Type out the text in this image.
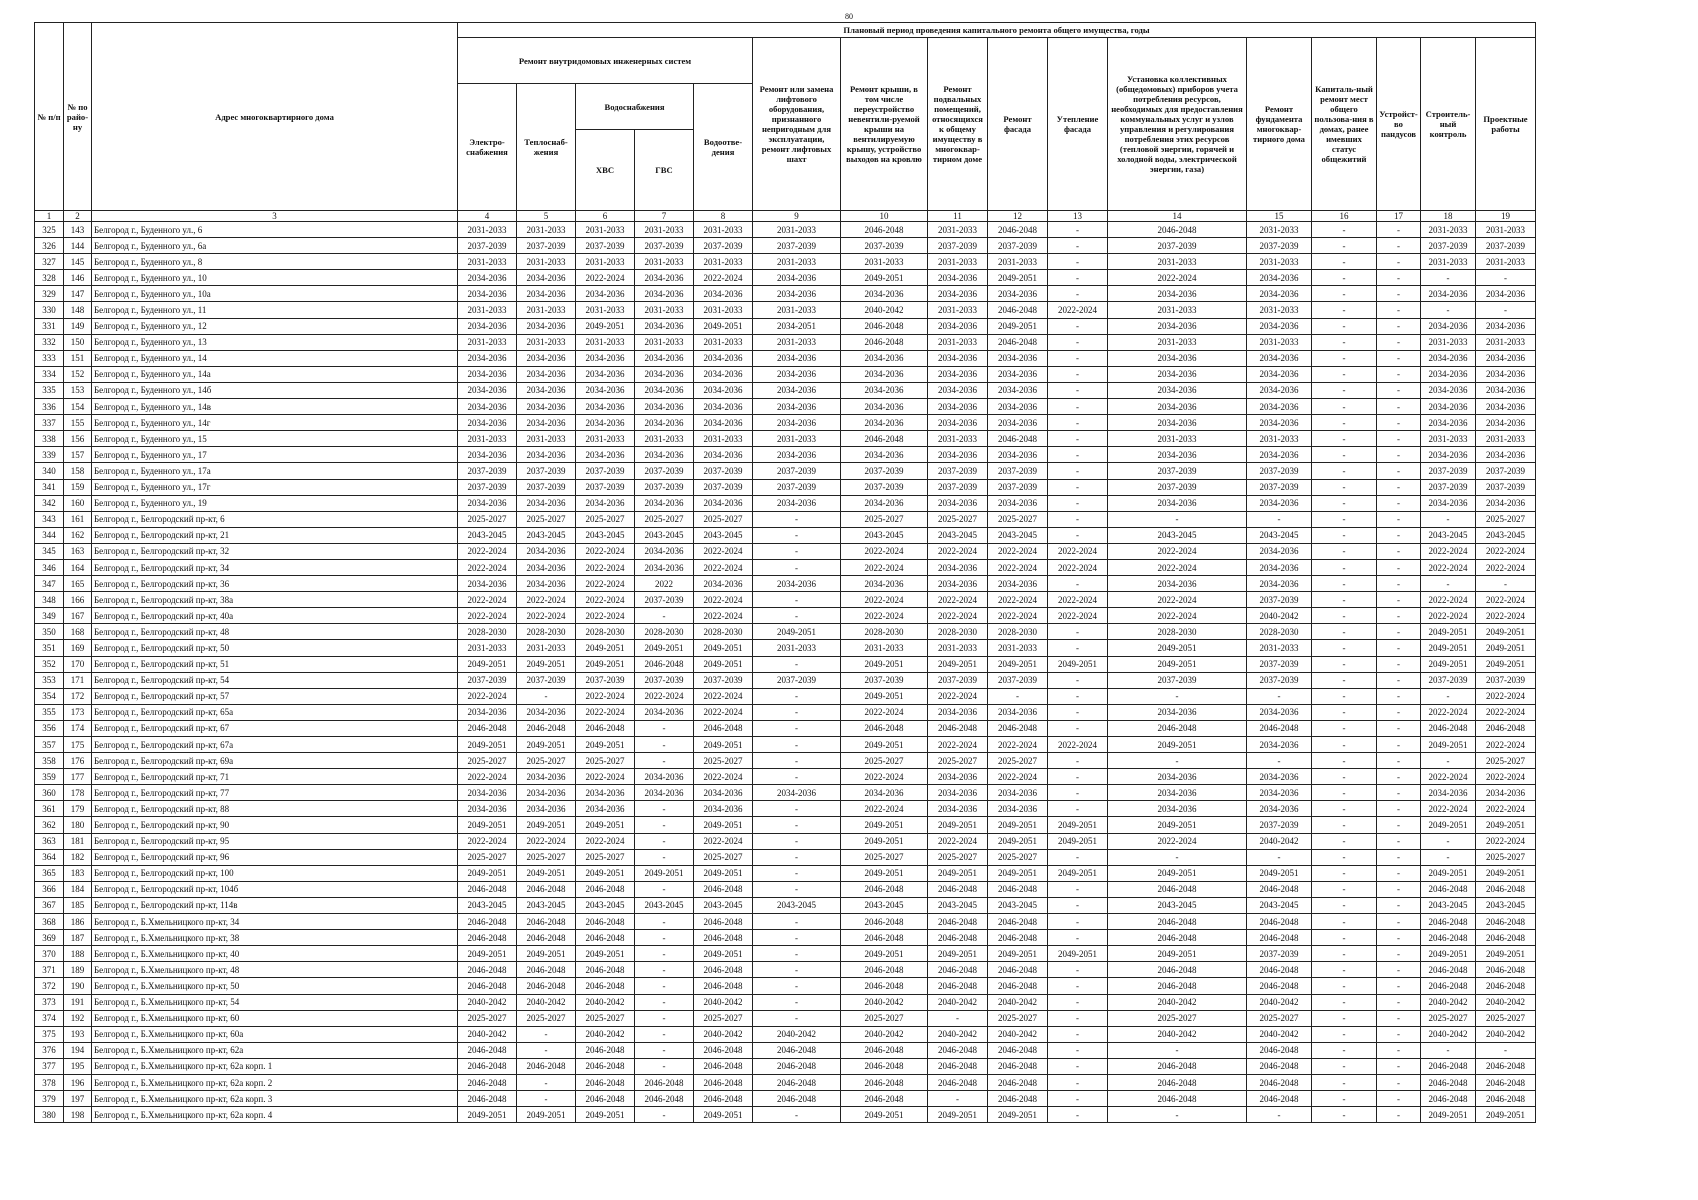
80
№ п/п	№ по райо-ну	Адрес многоквартирного дома	Плановый период проведения капитального ремонта общего имущества, годы															
			Ремонт внутридомовых инженерных систем					Ремонт или замена лифтового оборудования, признанного непригодным для эксплуатации, ремонт лифтовых шахт	Ремонт крыши, в том числе переустройство невентили-руемой крыши на вентилируемую крышу, устройство выходов на кровлю	Ремонт подвальных помещений, относящихся к общему имуществу в многоквар-тирном доме	Ремонт фасада	Утепление фасада	Установка коллективных (общедомовых) приборов учета потребления ресурсов, необходимых для предоставления коммунальных услуг и узлов управления и регулирования потребления этих ресурсов (тепловой энергии, горячей и холодной воды, электрической энергии, газа)	Ремонт фундамента многоквар-тирного дома	Капиталь-ный ремонт мест общего пользова-ния в домах, ранее имевших статус общежитий	Устройст-во пандусов	Строитель-ный контроль	Проектные работы
			Электро-снабжения	Теплоснаб-жения	Водоснабжения		Водоотве-дения											
					ХВС	ГВС												
1	2	3	4	5	6	7	8	9	10	11	12	13	14	15	16	17	18	19
325	143	Белгород г., Буденного ул., 6	2031-2033	2031-2033	2031-2033	2031-2033	2031-2033	2031-2033	2046-2048	2031-2033	2046-2048	-	2046-2048	2031-2033	-	-	2031-2033	2031-2033
326	144	Белгород г., Буденного ул., 6а	2037-2039	2037-2039	2037-2039	2037-2039	2037-2039	2037-2039	2037-2039	2037-2039	2037-2039	-	2037-2039	2037-2039	-	-	2037-2039	2037-2039
327	145	Белгород г., Буденного ул., 8	2031-2033	2031-2033	2031-2033	2031-2033	2031-2033	2031-2033	2031-2033	2031-2033	2031-2033	-	2031-2033	2031-2033	-	-	2031-2033	2031-2033
328	146	Белгород г., Буденного ул., 10	2034-2036	2034-2036	2022-2024	2034-2036	2022-2024	2034-2036	2049-2051	2034-2036	2049-2051	-	2022-2024	2034-2036	-	-	-	-
329	147	Белгород г., Буденного ул., 10а	2034-2036	2034-2036	2034-2036	2034-2036	2034-2036	2034-2036	2034-2036	2034-2036	2034-2036	-	2034-2036	2034-2036	-	-	2034-2036	2034-2036
330	148	Белгород г., Буденного ул., 11	2031-2033	2031-2033	2031-2033	2031-2033	2031-2033	2031-2033	2040-2042	2031-2033	2046-2048	2022-2024	2031-2033	2031-2033	-	-	-	-
331	149	Белгород г., Буденного ул., 12	2034-2036	2034-2036	2049-2051	2034-2036	2049-2051	2034-2051	2046-2048	2034-2036	2049-2051	-	2034-2036	2034-2036	-	-	2034-2036	2034-2036
332	150	Белгород г., Буденного ул., 13	2031-2033	2031-2033	2031-2033	2031-2033	2031-2033	2031-2033	2046-2048	2031-2033	2046-2048	-	2031-2033	2031-2033	-	-	2031-2033	2031-2033
333	151	Белгород г., Буденного ул., 14	2034-2036	2034-2036	2034-2036	2034-2036	2034-2036	2034-2036	2034-2036	2034-2036	2034-2036	-	2034-2036	2034-2036	-	-	2034-2036	2034-2036
334	152	Белгород г., Буденного ул., 14а	2034-2036	2034-2036	2034-2036	2034-2036	2034-2036	2034-2036	2034-2036	2034-2036	2034-2036	-	2034-2036	2034-2036	-	-	2034-2036	2034-2036
335	153	Белгород г., Буденного ул., 14б	2034-2036	2034-2036	2034-2036	2034-2036	2034-2036	2034-2036	2034-2036	2034-2036	2034-2036	-	2034-2036	2034-2036	-	-	2034-2036	2034-2036
336	154	Белгород г., Буденного ул., 14в	2034-2036	2034-2036	2034-2036	2034-2036	2034-2036	2034-2036	2034-2036	2034-2036	2034-2036	-	2034-2036	2034-2036	-	-	2034-2036	2034-2036
337	155	Белгород г., Буденного ул., 14г	2034-2036	2034-2036	2034-2036	2034-2036	2034-2036	2034-2036	2034-2036	2034-2036	2034-2036	-	2034-2036	2034-2036	-	-	2034-2036	2034-2036
338	156	Белгород г., Буденного ул., 15	2031-2033	2031-2033	2031-2033	2031-2033	2031-2033	2031-2033	2046-2048	2031-2033	2046-2048	-	2031-2033	2031-2033	-	-	2031-2033	2031-2033
339	157	Белгород г., Буденного ул., 17	2034-2036	2034-2036	2034-2036	2034-2036	2034-2036	2034-2036	2034-2036	2034-2036	2034-2036	-	2034-2036	2034-2036	-	-	2034-2036	2034-2036
340	158	Белгород г., Буденного ул., 17а	2037-2039	2037-2039	2037-2039	2037-2039	2037-2039	2037-2039	2037-2039	2037-2039	2037-2039	-	2037-2039	2037-2039	-	-	2037-2039	2037-2039
341	159	Белгород г., Буденного ул., 17г	2037-2039	2037-2039	2037-2039	2037-2039	2037-2039	2037-2039	2037-2039	2037-2039	2037-2039	-	2037-2039	2037-2039	-	-	2037-2039	2037-2039
342	160	Белгород г., Буденного ул., 19	2034-2036	2034-2036	2034-2036	2034-2036	2034-2036	2034-2036	2034-2036	2034-2036	2034-2036	-	2034-2036	2034-2036	-	-	2034-2036	2034-2036
343	161	Белгород г., Белгородский пр-кт, 6	2025-2027	2025-2027	2025-2027	2025-2027	2025-2027	-	2025-2027	2025-2027	2025-2027	-	-	-	-	-	-	2025-2027
344	162	Белгород г., Белгородский пр-кт, 21	2043-2045	2043-2045	2043-2045	2043-2045	2043-2045	-	2043-2045	2043-2045	2043-2045	-	2043-2045	2043-2045	-	-	2043-2045	2043-2045
345	163	Белгород г., Белгородский пр-кт, 32	2022-2024	2034-2036	2022-2024	2034-2036	2022-2024	-	2022-2024	2022-2024	2022-2024	2022-2024	2022-2024	2034-2036	-	-	2022-2024	2022-2024
346	164	Белгород г., Белгородский пр-кт, 34	2022-2024	2034-2036	2022-2024	2034-2036	2022-2024	-	2022-2024	2034-2036	2022-2024	2022-2024	2022-2024	2034-2036	-	-	2022-2024	2022-2024
347	165	Белгород г., Белгородский пр-кт, 36	2034-2036	2034-2036	2022-2024	2022	2034-2036	2034-2036	2034-2036	2034-2036	2034-2036	-	2034-2036	2034-2036	-	-	-	-
348	166	Белгород г., Белгородский пр-кт, 38а	2022-2024	2022-2024	2022-2024	2037-2039	2022-2024	-	2022-2024	2022-2024	2022-2024	2022-2024	2022-2024	2037-2039	-	-	2022-2024	2022-2024
349	167	Белгород г., Белгородский пр-кт, 40а	2022-2024	2022-2024	2022-2024	-	2022-2024	-	2022-2024	2022-2024	2022-2024	2022-2024	2022-2024	2040-2042	-	-	2022-2024	2022-2024
350	168	Белгород г., Белгородский пр-кт, 48	2028-2030	2028-2030	2028-2030	2028-2030	2028-2030	2049-2051	2028-2030	2028-2030	2028-2030	-	2028-2030	2028-2030	-	-	2049-2051	2049-2051
351	169	Белгород г., Белгородский пр-кт, 50	2031-2033	2031-2033	2049-2051	2049-2051	2049-2051	2031-2033	2031-2033	2031-2033	2031-2033	-	2049-2051	2031-2033	-	-	2049-2051	2049-2051
352	170	Белгород г., Белгородский пр-кт, 51	2049-2051	2049-2051	2049-2051	2046-2048	2049-2051	-	2049-2051	2049-2051	2049-2051	2049-2051	2049-2051	2037-2039	-	-	2049-2051	2049-2051
353	171	Белгород г., Белгородский пр-кт, 54	2037-2039	2037-2039	2037-2039	2037-2039	2037-2039	2037-2039	2037-2039	2037-2039	2037-2039	-	2037-2039	2037-2039	-	-	2037-2039	2037-2039
354	172	Белгород г., Белгородский пр-кт, 57	2022-2024	-	2022-2024	2022-2024	2022-2024	-	2049-2051	2022-2024	-	-	-	-	-	-	-	2022-2024
355	173	Белгород г., Белгородский пр-кт, 65а	2034-2036	2034-2036	2022-2024	2034-2036	2022-2024	-	2022-2024	2034-2036	2034-2036	-	2034-2036	2034-2036	-	-	2022-2024	2022-2024
356	174	Белгород г., Белгородский пр-кт, 67	2046-2048	2046-2048	2046-2048	-	2046-2048	-	2046-2048	2046-2048	2046-2048	-	2046-2048	2046-2048	-	-	2046-2048	2046-2048
357	175	Белгород г., Белгородский пр-кт, 67а	2049-2051	2049-2051	2049-2051	-	2049-2051	-	2049-2051	2022-2024	2022-2024	2022-2024	2049-2051	2034-2036	-	-	2049-2051	2022-2024
358	176	Белгород г., Белгородский пр-кт, 69а	2025-2027	2025-2027	2025-2027	-	2025-2027	-	2025-2027	2025-2027	2025-2027	-	-	-	-	-	-	2025-2027
359	177	Белгород г., Белгородский пр-кт, 71	2022-2024	2034-2036	2022-2024	2034-2036	2022-2024	-	2022-2024	2034-2036	2022-2024	-	2034-2036	2034-2036	-	-	2022-2024	2022-2024
360	178	Белгород г., Белгородский пр-кт, 77	2034-2036	2034-2036	2034-2036	2034-2036	2034-2036	2034-2036	2034-2036	2034-2036	2034-2036	-	2034-2036	2034-2036	-	-	2034-2036	2034-2036
361	179	Белгород г., Белгородский пр-кт, 88	2034-2036	2034-2036	2034-2036	-	2034-2036	-	2022-2024	2034-2036	2034-2036	-	2034-2036	2034-2036	-	-	2022-2024	2022-2024
362	180	Белгород г., Белгородский пр-кт, 90	2049-2051	2049-2051	2049-2051	-	2049-2051	-	2049-2051	2049-2051	2049-2051	2049-2051	2049-2051	2037-2039	-	-	2049-2051	2049-2051
363	181	Белгород г., Белгородский пр-кт, 95	2022-2024	2022-2024	2022-2024	-	2022-2024	-	2049-2051	2022-2024	2049-2051	2049-2051	2022-2024	2040-2042	-	-	-	2022-2024
364	182	Белгород г., Белгородский пр-кт, 96	2025-2027	2025-2027	2025-2027	-	2025-2027	-	2025-2027	2025-2027	2025-2027	-	-	-	-	-	-	2025-2027
365	183	Белгород г., Белгородский пр-кт, 100	2049-2051	2049-2051	2049-2051	2049-2051	2049-2051	-	2049-2051	2049-2051	2049-2051	2049-2051	2049-2051	2049-2051	-	-	2049-2051	2049-2051
366	184	Белгород г., Белгородский пр-кт, 104б	2046-2048	2046-2048	2046-2048	-	2046-2048	-	2046-2048	2046-2048	2046-2048	-	2046-2048	2046-2048	-	-	2046-2048	2046-2048
367	185	Белгород г., Белгородский пр-кт, 114в	2043-2045	2043-2045	2043-2045	2043-2045	2043-2045	2043-2045	2043-2045	2043-2045	2043-2045	-	2043-2045	2043-2045	-	-	2043-2045	2043-2045
368	186	Белгород г., Б.Хмельницкого пр-кт, 34	2046-2048	2046-2048	2046-2048	-	2046-2048	-	2046-2048	2046-2048	2046-2048	-	2046-2048	2046-2048	-	-	2046-2048	2046-2048
369	187	Белгород г., Б.Хмельницкого пр-кт, 38	2046-2048	2046-2048	2046-2048	-	2046-2048	-	2046-2048	2046-2048	2046-2048	-	2046-2048	2046-2048	-	-	2046-2048	2046-2048
370	188	Белгород г., Б.Хмельницкого пр-кт, 40	2049-2051	2049-2051	2049-2051	-	2049-2051	-	2049-2051	2049-2051	2049-2051	2049-2051	2049-2051	2037-2039	-	-	2049-2051	2049-2051
371	189	Белгород г., Б.Хмельницкого пр-кт, 48	2046-2048	2046-2048	2046-2048	-	2046-2048	-	2046-2048	2046-2048	2046-2048	-	2046-2048	2046-2048	-	-	2046-2048	2046-2048
372	190	Белгород г., Б.Хмельницкого пр-кт, 50	2046-2048	2046-2048	2046-2048	-	2046-2048	-	2046-2048	2046-2048	2046-2048	-	2046-2048	2046-2048	-	-	2046-2048	2046-2048
373	191	Белгород г., Б.Хмельницкого пр-кт, 54	2040-2042	2040-2042	2040-2042	-	2040-2042	-	2040-2042	2040-2042	2040-2042	-	2040-2042	2040-2042	-	-	2040-2042	2040-2042
374	192	Белгород г., Б.Хмельницкого пр-кт, 60	2025-2027	2025-2027	2025-2027	-	2025-2027	-	2025-2027	-	2025-2027	-	2025-2027	2025-2027	-	-	2025-2027	2025-2027
375	193	Белгород г., Б.Хмельницкого пр-кт, 60а	2040-2042	-	2040-2042	-	2040-2042	2040-2042	2040-2042	2040-2042	2040-2042	-	2040-2042	2040-2042	-	-	2040-2042	2040-2042
376	194	Белгород г., Б.Хмельницкого пр-кт, 62а	2046-2048	-	2046-2048	-	2046-2048	2046-2048	2046-2048	2046-2048	2046-2048	-	-	2046-2048	-	-	-	-
377	195	Белгород г., Б.Хмельницкого пр-кт, 62а корп. 1	2046-2048	2046-2048	2046-2048	-	2046-2048	2046-2048	2046-2048	2046-2048	2046-2048	-	2046-2048	2046-2048	-	-	2046-2048	2046-2048
378	196	Белгород г., Б.Хмельницкого пр-кт, 62а корп. 2	2046-2048	-	2046-2048	2046-2048	2046-2048	2046-2048	2046-2048	2046-2048	2046-2048	-	2046-2048	2046-2048	-	-	2046-2048	2046-2048
379	197	Белгород г., Б.Хмельницкого пр-кт, 62а корп. 3	2046-2048	-	2046-2048	2046-2048	2046-2048	2046-2048	2046-2048	-	2046-2048	-	2046-2048	2046-2048	-	-	2046-2048	2046-2048
380	198	Белгород г., Б.Хмельницкого пр-кт, 62а корп. 4	2049-2051	2049-2051	2049-2051	-	2049-2051	-	2049-2051	2049-2051	2049-2051	-	-	-	-	-	2049-2051	2049-2051
